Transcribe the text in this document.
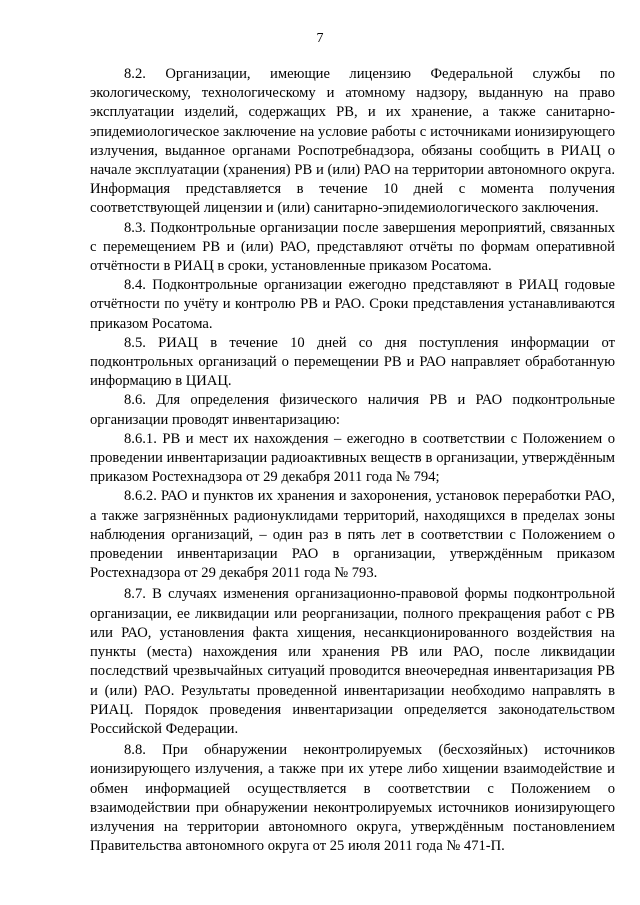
7

8.2. Организации, имеющие лицензию Федеральной службы по экологическому, технологическому и атомному надзору, выданную на право эксплуатации изделий, содержащих РВ, и их хранение, а также санитарно-эпидемиологическое заключение на условие работы с источниками ионизирующего излучения, выданное органами Роспотребнадзора, обязаны сообщить в РИАЦ о начале эксплуатации (хранения) РВ и (или) РАО на территории автономного округа. Информация представляется в течение 10 дней с момента получения соответствующей лицензии и (или) санитарно-эпидемиологического заключения.

8.3. Подконтрольные организации после завершения мероприятий, связанных с перемещением РВ и (или) РАО, представляют отчёты по формам оперативной отчётности в РИАЦ в сроки, установленные приказом Росатома.

8.4. Подконтрольные организации ежегодно представляют в РИАЦ годовые отчётности по учёту и контролю РВ и РАО. Сроки представления устанавливаются приказом Росатома.

8.5. РИАЦ в течение 10 дней со дня поступления информации от подконтрольных организаций о перемещении РВ и РАО направляет обработанную информацию в ЦИАЦ.

8.6. Для определения физического наличия РВ и РАО подконтрольные организации проводят инвентаризацию:

8.6.1. РВ и мест их нахождения – ежегодно в соответствии с Положением о проведении инвентаризации радиоактивных веществ в организации, утверждённым приказом Ростехнадзора от 29 декабря 2011 года № 794;

8.6.2. РАО и пунктов их хранения и захоронения, установок переработки РАО, а также загрязнённых радионуклидами территорий, находящихся в пределах зоны наблюдения организаций, – один раз в пять лет в соответствии с Положением о проведении инвентаризации РАО в организации, утверждённым приказом Ростехнадзора от 29 декабря 2011 года № 793.

8.7. В случаях изменения организационно-правовой формы подконтрольной организации, ее ликвидации или реорганизации, полного прекращения работ с РВ или РАО, установления факта хищения, несанкционированного воздействия на пункты (места) нахождения или хранения РВ или РАО, после ликвидации последствий чрезвычайных ситуаций проводится внеочередная инвентаризация РВ и (или) РАО. Результаты проведенной инвентаризации необходимо направлять в РИАЦ. Порядок проведения инвентаризации определяется законодательством Российской Федерации.

8.8. При обнаружении неконтролируемых (бесхозяйных) источников ионизирующего излучения, а также при их утере либо хищении взаимодействие и обмен информацией осуществляется в соответствии с Положением о взаимодействии при обнаружении неконтролируемых источников ионизирующего излучения на территории автономного округа, утверждённым постановлением Правительства автономного округа от 25 июля 2011 года № 471-П.
